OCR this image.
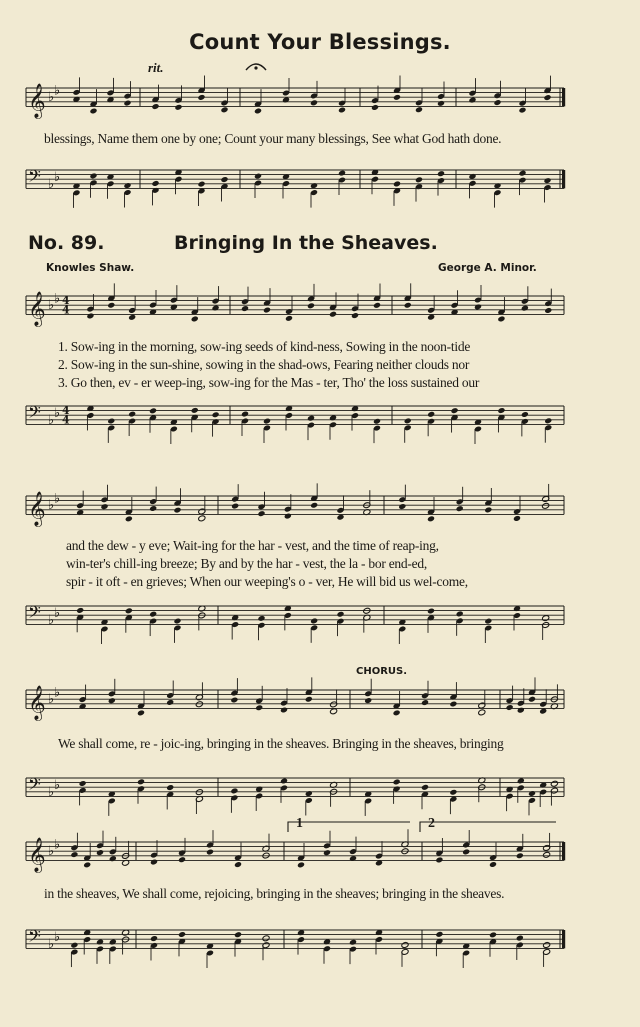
𝄞 ♭ ♭
𝄢 ♭ ♭
𝄞 ♭ ♭ 4
4
𝄢 ♭ ♭ 4
4
𝄞 ♭ ♭
𝄢 ♭ ♭
𝄞 ♭ ♭
𝄢 ♭ ♭
𝄞 ♭ ♭
𝄢 ♭ ♭
Count Your Blessings.
rit.
blessings, Name them one by one; Count your many blessings, See what God hath done.
No. 89.	Bringing In the Sheaves.
Knowles Shaw.	George A. Minor.
1. Sow-ing in the morning, sow-ing seeds of kind-ness, Sowing in the noon-tide
2. Sow-ing in the sun-shine, sowing in the shad-ows, Fearing neither clouds nor
3. Go then, ev - er weep-ing, sow-ing for the Mas - ter, Tho' the loss sustained our
and the dew - y eve; Wait-ing for the har - vest, and the time of reap-ing,
win-ter's chill-ing breeze; By and by the har - vest, the la - bor end-ed,
spir - it oft - en grieves; When our weeping's o - ver, He will bid us wel-come,
CHORUS.
We shall come, re - joic-ing, bringing in the sheaves. Bringing in the sheaves, bringing
in the sheaves, We shall come, rejoicing, bringing in the sheaves; bringing in the sheaves.
1	2
